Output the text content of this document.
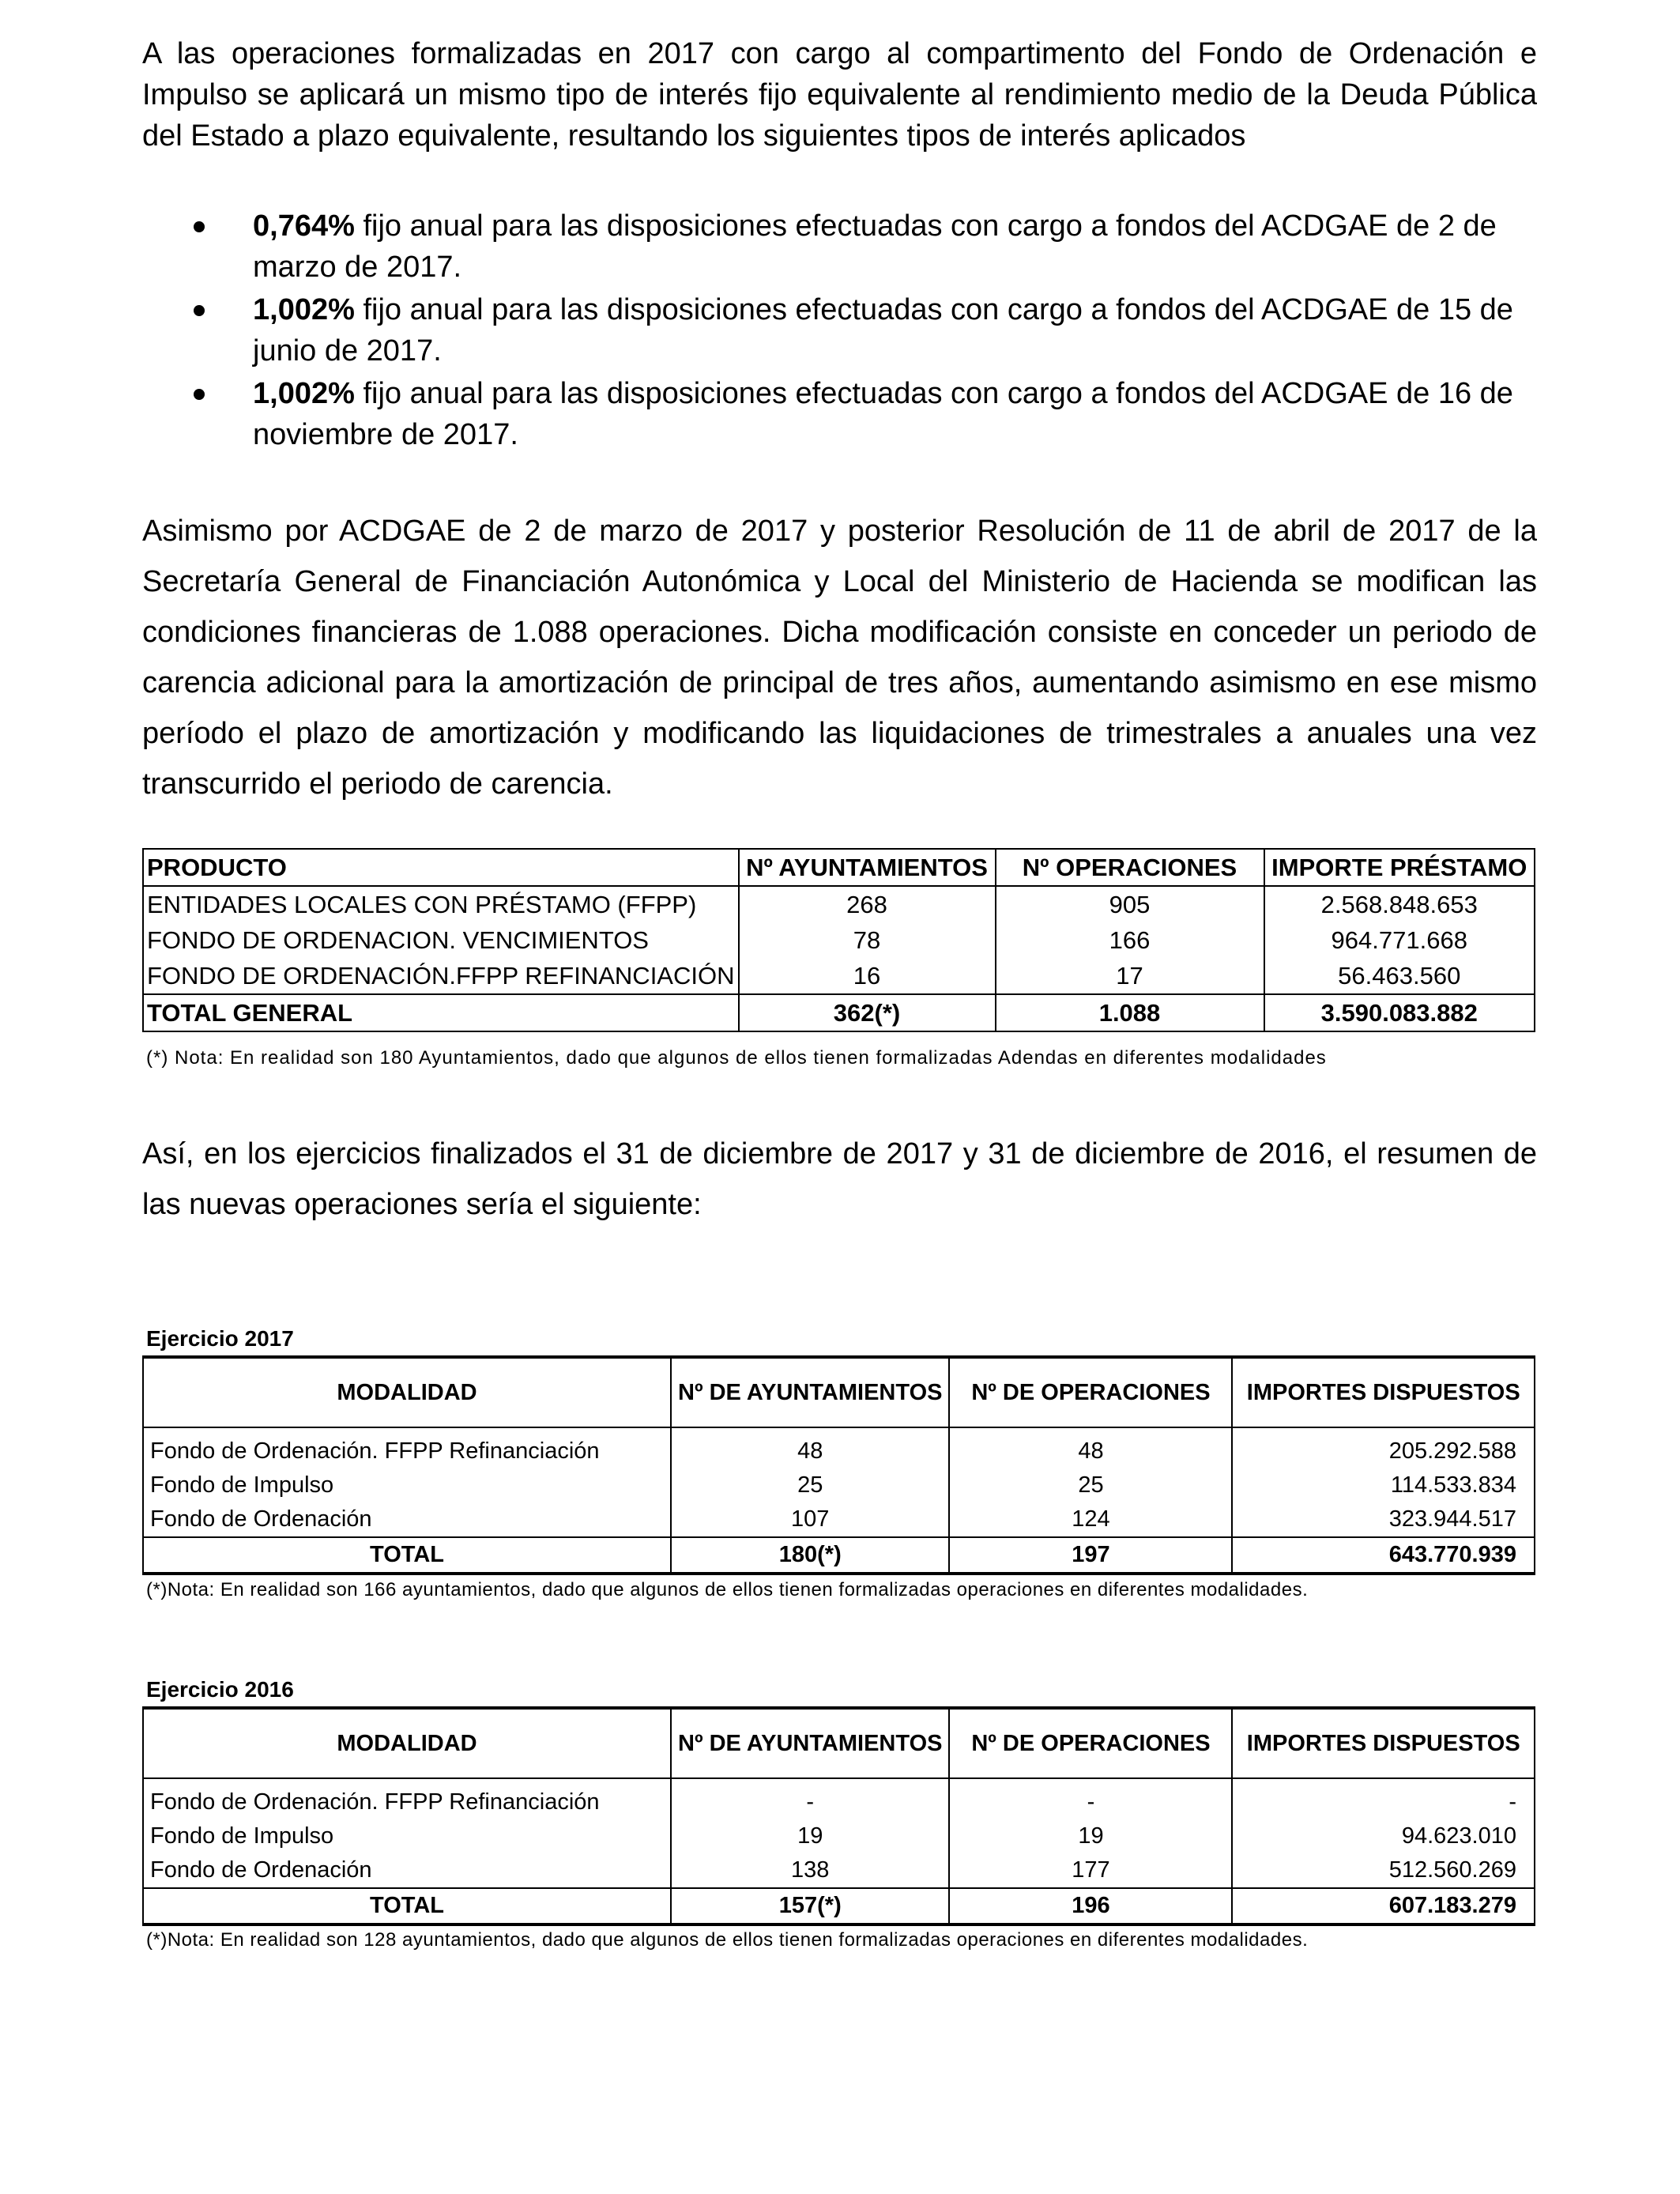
A las operaciones formalizadas en 2017 con cargo al compartimento del Fondo de Ordenación e Impulso se aplicará un mismo tipo de interés fijo equivalente al rendimiento medio de la Deuda Pública del Estado a plazo equivalente, resultando los siguientes tipos de interés aplicados

0,764% fijo anual para las disposiciones efectuadas con cargo a fondos del ACDGAE de 2 de marzo de 2017.
1,002% fijo anual para las disposiciones efectuadas con cargo a fondos del ACDGAE de 15 de junio de 2017.
1,002% fijo anual para las disposiciones efectuadas con cargo a fondos del ACDGAE de 16 de noviembre de 2017.

Asimismo por ACDGAE de 2 de marzo de 2017 y posterior Resolución de 11 de abril de 2017 de la Secretaría General de Financiación Autonómica y Local del Ministerio de Hacienda se modifican las condiciones financieras de 1.088 operaciones. Dicha modificación consiste en conceder un periodo de carencia adicional para la amortización de principal de tres años, aumentando asimismo en ese mismo período el plazo de amortización y modificando las liquidaciones de trimestrales a anuales una vez transcurrido el periodo de carencia.

PRODUCTO	Nº AYUNTAMIENTOS	Nº OPERACIONES	IMPORTE PRÉSTAMO
ENTIDADES LOCALES CON PRÉSTAMO (FFPP)	268	905	2.568.848.653
FONDO DE ORDENACION. VENCIMIENTOS	78	166	964.771.668
FONDO DE ORDENACIÓN.FFPP REFINANCIACIÓN	16	17	56.463.560
TOTAL GENERAL	362(*)	1.088	3.590.083.882
(*) Nota: En realidad son 180 Ayuntamientos, dado que algunos de ellos tienen formalizadas Adendas en diferentes modalidades

Así, en los ejercicios finalizados el 31 de diciembre de 2017 y 31 de diciembre de 2016, el resumen de las nuevas operaciones sería el siguiente:

Ejercicio 2017
MODALIDAD	Nº DE AYUNTAMIENTOS	Nº DE OPERACIONES	IMPORTES DISPUESTOS
Fondo de Ordenación. FFPP Refinanciación	48	48	205.292.588
Fondo de Impulso	25	25	114.533.834
Fondo de Ordenación	107	124	323.944.517
TOTAL	180(*)	197	643.770.939
(*)Nota: En realidad son 166 ayuntamientos, dado que algunos de ellos tienen formalizadas operaciones en diferentes modalidades.
Ejercicio 2016
MODALIDAD	Nº DE AYUNTAMIENTOS	Nº DE OPERACIONES	IMPORTES DISPUESTOS
Fondo de Ordenación. FFPP Refinanciación	-	-	-
Fondo de Impulso	19	19	94.623.010
Fondo de Ordenación	138	177	512.560.269
TOTAL	157(*)	196	607.183.279
(*)Nota: En realidad son 128 ayuntamientos, dado que algunos de ellos tienen formalizadas operaciones en diferentes modalidades.
